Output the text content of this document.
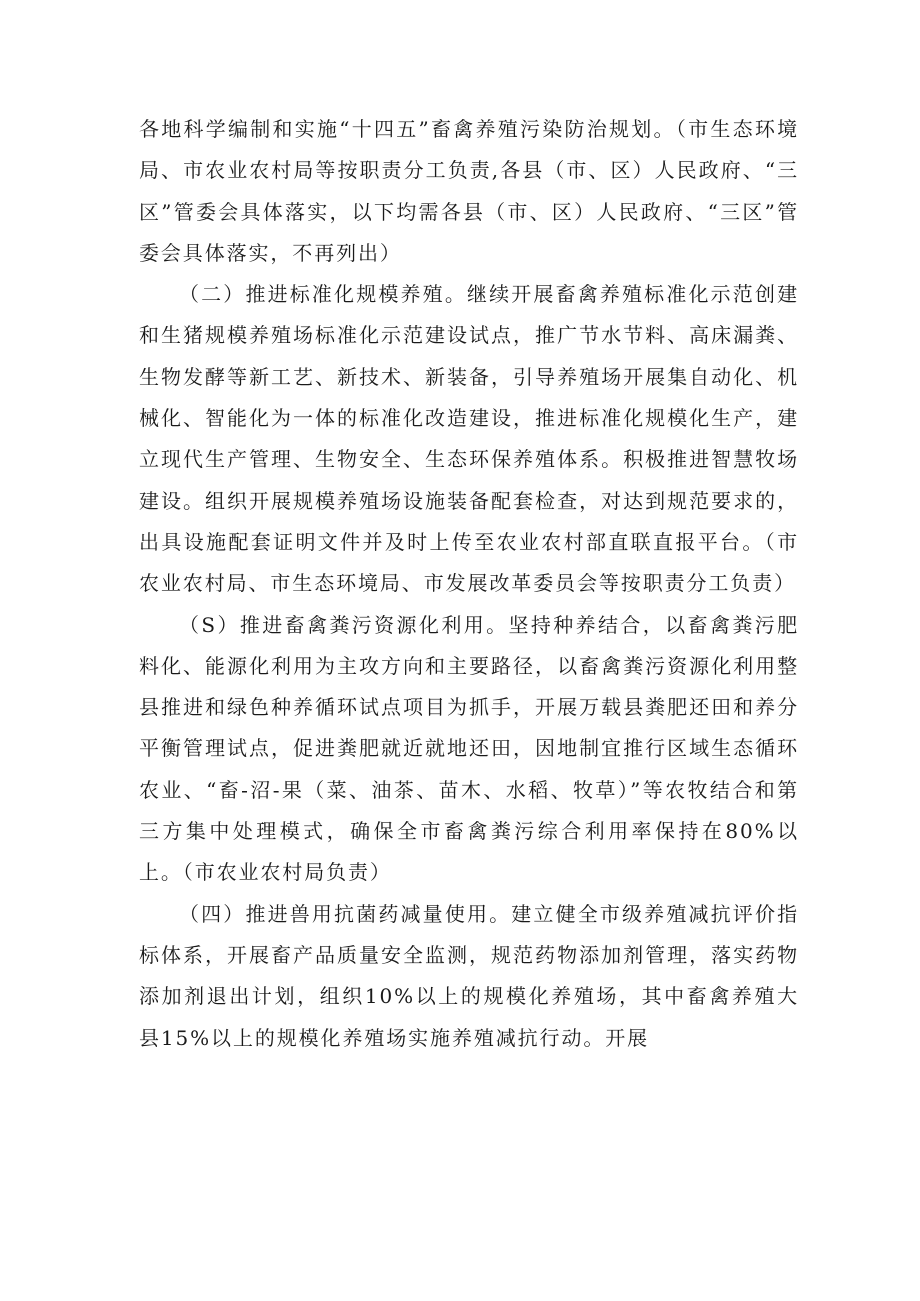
各地科学编制和实施“十四五”畜禽养殖污染防治规划。（市生态环境局、市农业农村局等按职责分工负责,各县（市、区）人民政府、“三区”管委会具体落实，以下均需各县（市、区）人民政府、“三区”管委会具体落实，不再列出）

（二）推进标准化规模养殖。继续开展畜禽养殖标准化示范创建和生猪规模养殖场标准化示范建设试点，推广节水节料、高床漏粪、生物发酵等新工艺、新技术、新装备，引导养殖场开展集自动化、机械化、智能化为一体的标准化改造建设，推进标准化规模化生产，建立现代生产管理、生物安全、生态环保养殖体系。积极推进智慧牧场建设。组织开展规模养殖场设施装备配套检查，对达到规范要求的，出具设施配套证明文件并及时上传至农业农村部直联直报平台。（市农业农村局、市生态环境局、市发展改革委员会等按职责分工负责）

（S）推进畜禽粪污资源化利用。坚持种养结合，以畜禽粪污肥料化、能源化利用为主攻方向和主要路径，以畜禽粪污资源化利用整县推进和绿色种养循环试点项目为抓手，开展万载县粪肥还田和养分平衡管理试点，促进粪肥就近就地还田，因地制宜推行区域生态循环农业、“畜-沼-果（菜、油茶、苗木、水稻、牧草）”等农牧结合和第三方集中处理模式，确保全市畜禽粪污综合利用率保持在80%以上。（市农业农村局负责）

（四）推进兽用抗菌药减量使用。建立健全市级养殖减抗评价指标体系，开展畜产品质量安全监测，规范药物添加剂管理，落实药物添加剂退出计划，组织10%以上的规模化养殖场，其中畜禽养殖大县15%以上的规模化养殖场实施养殖减抗行动。开展
